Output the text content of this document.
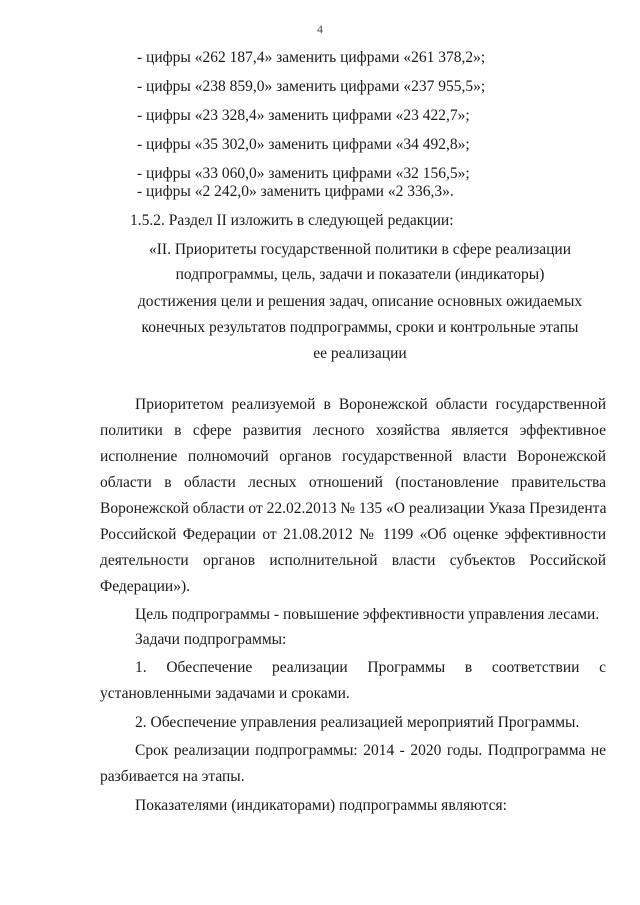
4
- цифры «262 187,4» заменить цифрами «261 378,2»;
- цифры «238 859,0» заменить цифрами «237 955,5»;
- цифры «23 328,4» заменить цифрами «23 422,7»;
- цифры «35 302,0» заменить цифрами «34 492,8»;
- цифры «33 060,0» заменить цифрами «32 156,5»;
- цифры «2 242,0» заменить цифрами «2 336,3».
1.5.2. Раздел II изложить в следующей редакции:
«II. Приоритеты государственной политики в сфере реализации
подпрограммы, цель, задачи и показатели (индикаторы)
достижения цели и решения задач, описание основных ожидаемых
конечных результатов подпрограммы, сроки и контрольные этапы
ее реализации
Приоритетом реализуемой в Воронежской области государственной
политики в сфере развития лесного хозяйства является эффективное
исполнение полномочий органов государственной власти Воронежской
области в области лесных отношений (постановление правительства
Воронежской области от 22.02.2013 № 135 «О реализации Указа Президента
Российской Федерации от 21.08.2012 № 1199 «Об оценке эффективности
деятельности органов исполнительной власти субъектов Российской
Федерации»).
Цель подпрограммы - повышение эффективности управления лесами.
Задачи подпрограммы:
1. Обеспечение реализации Программы в соответствии с
установленными задачами и сроками.
2. Обеспечение управления реализацией мероприятий Программы.
Срок реализации подпрограммы: 2014 - 2020 годы. Подпрограмма не
разбивается на этапы.
Показателями (индикаторами) подпрограммы являются:
